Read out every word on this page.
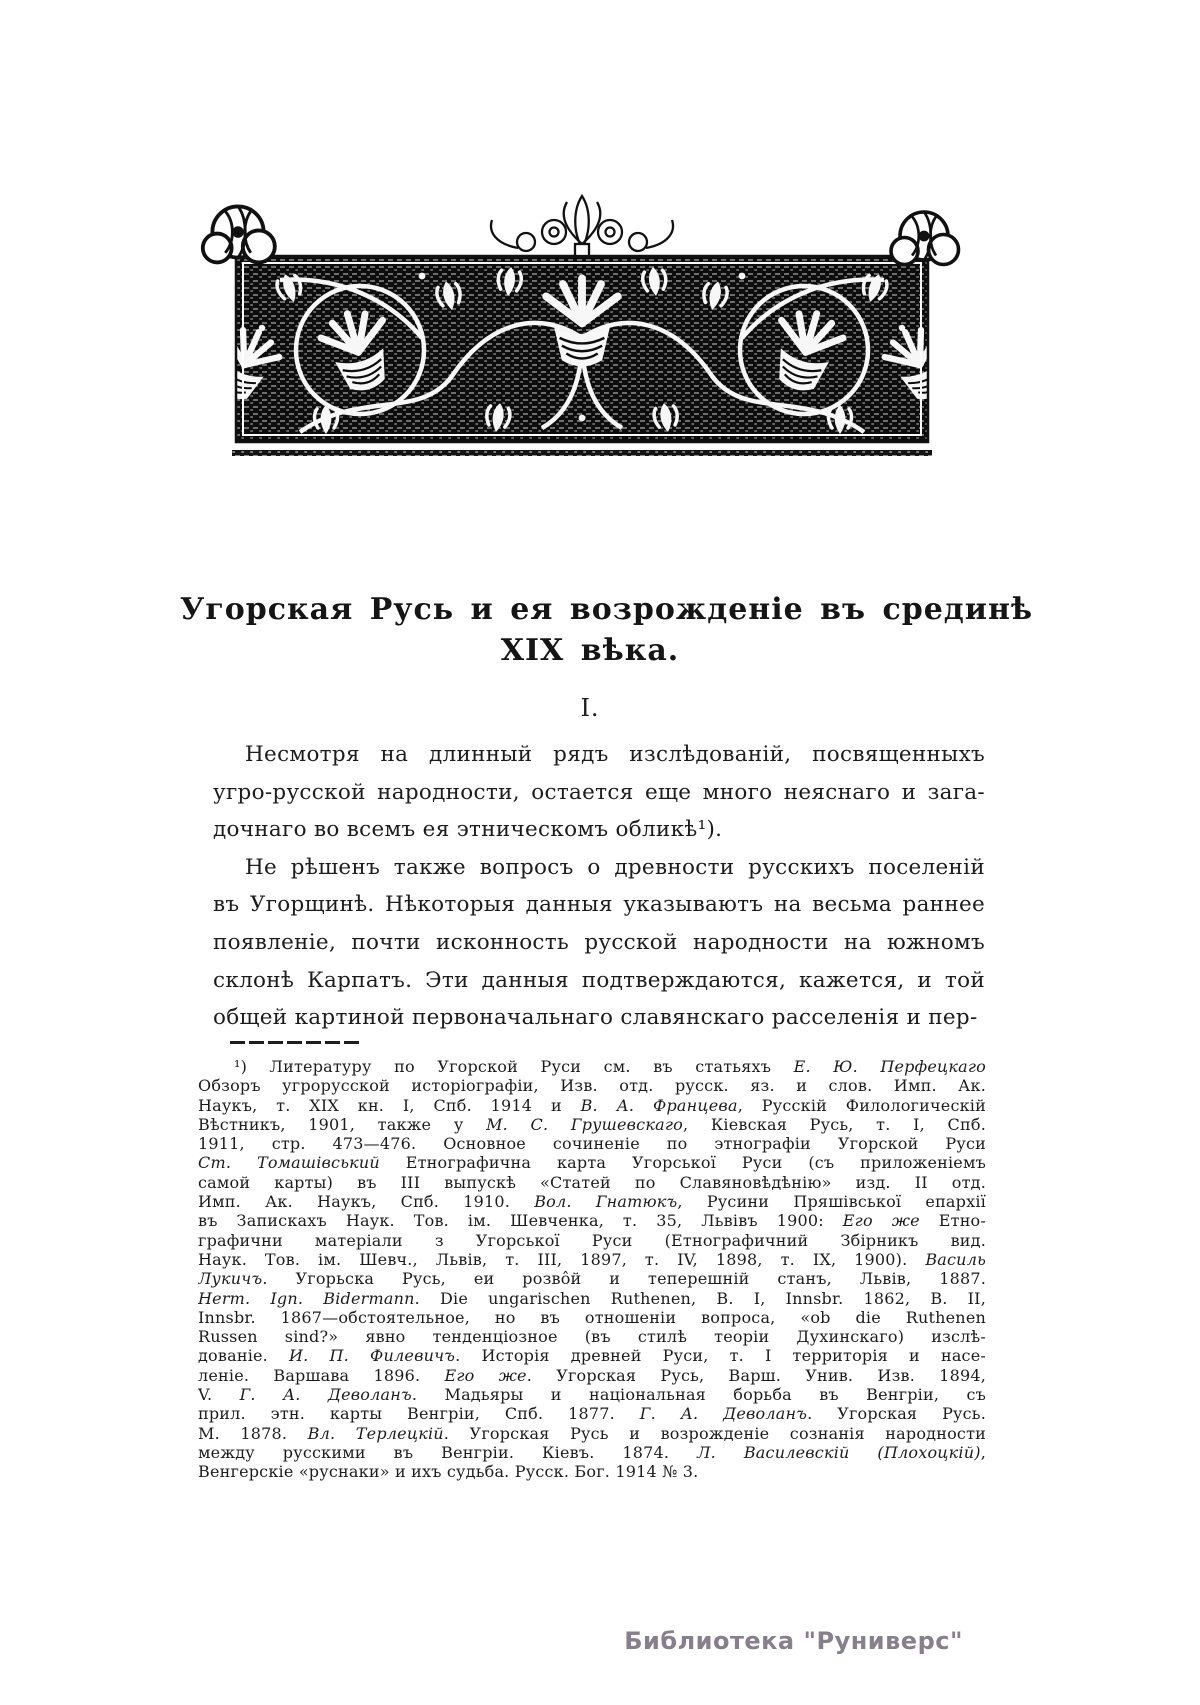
Угорская Русь и ея возрожденіе въ срединѣ
XIX вѣка.
I.
Несмотря на длинный рядъ изслѣдованій, посвященныхъ
угро-русской народности, остается еще много неяснаго и зага-
дочнаго во всемъ ея этническомъ обликѣ¹).
Не рѣшенъ также вопросъ о древности русскихъ поселеній
въ Угорщинѣ. Нѣкоторыя данныя указываютъ на весьма раннее
появленіе, почти исконность русской народности на южномъ
склонѣ Карпатъ. Эти данныя подтверждаются, кажется, и той
общей картиной первоначальнаго славянскаго расселенія и пер-
¹) Литературу по Угорской Руси см. въ статьяхъ Е. Ю. Перфецкаго
Обзоръ угрорусской исторіографіи, Изв. отд. русск. яз. и слов. Имп. Ак.
Наукъ, т. XIX кн. I, Спб. 1914 и В. А. Францева, Русскій Филологическій
Вѣстникъ, 1901, также у М. С. Грушевскаго, Кіевская Русь, т. I, Спб.
1911, стр. 473—476. Основное сочиненіе по этнографіи Угорской Руси
Ст. Томашівський Етнографична карта Угорської Руси (съ приложеніемъ
самой карты) въ III выпускѣ «Статей по Славяновѣдѣнію» изд. II отд.
Имп. Ак. Наукъ, Спб. 1910. Вол. Гнатюкъ, Русини Пряшівської епархії
въ Запискахъ Наук. Тов. ім. Шевченка, т. 35, Львівъ 1900: Его же Етно-
графични матеріали з Угорської Руси (Етнографичний Збірникъ вид.
Наук. Тов. ім. Шевч., Львів, т. III, 1897, т. IV, 1898, т. IX, 1900). Василь
Лукичъ. Угорьска Русь, еи розвôй и теперешній станъ, Львів, 1887.
Herm. Ign. Bidermann. Die ungarischen Ruthenen, B. I, Innsbr. 1862, B. II,
Innsbr. 1867—обстоятельное, но въ отношеніи вопроса, «ob die Ruthenen
Russen sind?» явно тенденціозное (въ стилѣ теоріи Духинскаго) изслѣ-
дованіе. И. П. Филевичъ. Исторія древней Руси, т. I территорія и насе-
леніе. Варшава 1896. Его же. Угорская Русь, Варш. Унив. Изв. 1894,
V. Г. А. Деволанъ. Мадьяры и національная борьба въ Венгріи, съ
прил. этн. карты Венгріи, Спб. 1877. Г. А. Деволанъ. Угорская Русь.
М. 1878. Вл. Терлецкій. Угорская Русь и возрожденіе сознанія народности
между русскими въ Венгріи. Кіевъ. 1874. Л. Василевскій (Плохоцкій),
Венгерскіе «руснаки» и ихъ судьба. Русск. Бог. 1914 № 3.
Библиотека "Руниверс"
